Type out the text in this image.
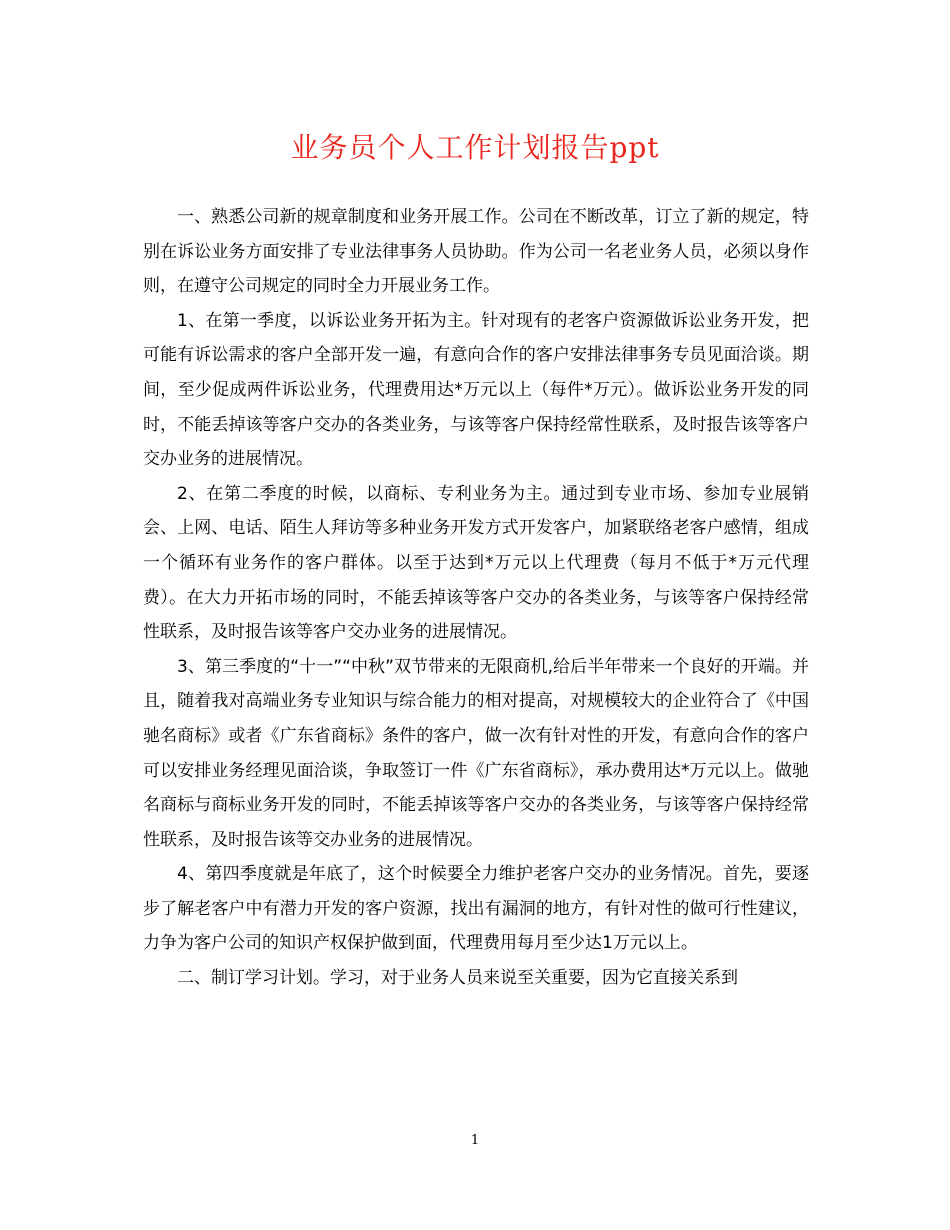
业务员个人工作计划报告ppt

一、熟悉公司新的规章制度和业务开展工作。公司在不断改革，订立了新的规定，特别在诉讼业务方面安排了专业法律事务人员协助。作为公司一名老业务人员，必须以身作则，在遵守公司规定的同时全力开展业务工作。

1、在第一季度，以诉讼业务开拓为主。针对现有的老客户资源做诉讼业务开发，把可能有诉讼需求的客户全部开发一遍，有意向合作的客户安排法律事务专员见面洽谈。期间，至少促成两件诉讼业务，代理费用达*万元以上（每件*万元）。做诉讼业务开发的同时，不能丢掉该等客户交办的各类业务，与该等客户保持经常性联系，及时报告该等客户交办业务的进展情况。

2、在第二季度的时候，以商标、专利业务为主。通过到专业市场、参加专业展销会、上网、电话、陌生人拜访等多种业务开发方式开发客户，加紧联络老客户感情，组成一个循环有业务作的客户群体。以至于达到*万元以上代理费（每月不低于*万元代理费）。在大力开拓市场的同时，不能丢掉该等客户交办的各类业务，与该等客户保持经常性联系，及时报告该等客户交办业务的进展情况。

3、第三季度的“十一”“中秋”双节带来的无限商机,给后半年带来一个良好的开端。并且，随着我对高端业务专业知识与综合能力的相对提高，对规模较大的企业符合了《中国驰名商标》或者《广东省商标》条件的客户，做一次有针对性的开发，有意向合作的客户可以安排业务经理见面洽谈，争取签订一件《广东省商标》，承办费用达*万元以上。做驰名商标与商标业务开发的同时，不能丢掉该等客户交办的各类业务，与该等客户保持经常性联系，及时报告该等交办业务的进展情况。

4、第四季度就是年底了，这个时候要全力维护老客户交办的业务情况。首先，要逐步了解老客户中有潜力开发的客户资源，找出有漏洞的地方，有针对性的做可行性建议，力争为客户公司的知识产权保护做到面，代理费用每月至少达1万元以上。

二、制订学习计划。学习，对于业务人员来说至关重要，因为它直接关系到

1
